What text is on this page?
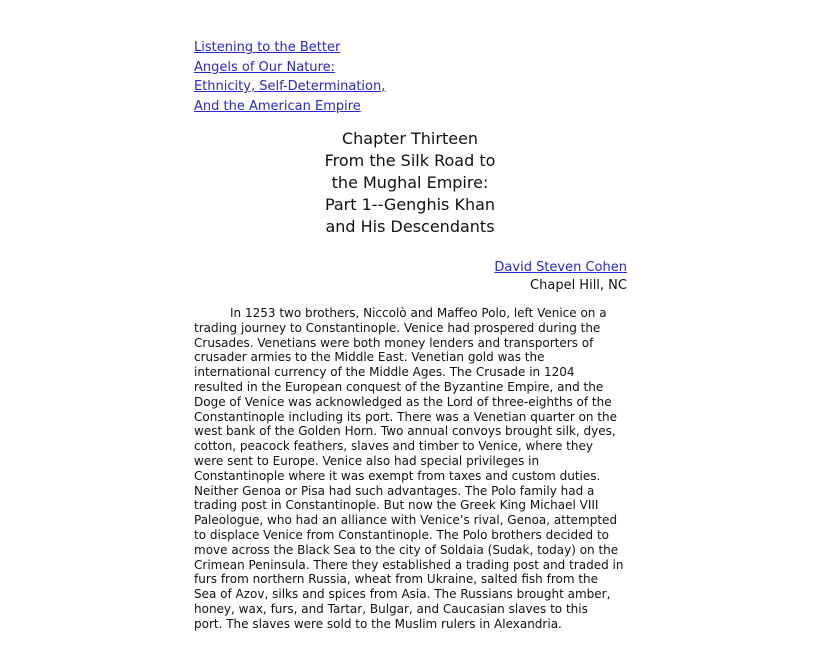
Listening to the Better
Angels of Our Nature:
Ethnicity, Self-Determination,
And the American Empire
Chapter Thirteen
From the Silk Road to
the Mughal Empire:
Part 1--Genghis Khan
and His Descendants
David Steven Cohen
Chapel Hill, NC
In 1253 two brothers, Niccolò and Maffeo Polo, left Venice on a
trading journey to Constantinople. Venice had prospered during the
Crusades. Venetians were both money lenders and transporters of
crusader armies to the Middle East. Venetian gold was the
international currency of the Middle Ages. The Crusade in 1204
resulted in the European conquest of the Byzantine Empire, and the
Doge of Venice was acknowledged as the Lord of three-eighths of the
Constantinople including its port. There was a Venetian quarter on the
west bank of the Golden Horn. Two annual convoys brought silk, dyes,
cotton, peacock feathers, slaves and timber to Venice, where they
were sent to Europe. Venice also had special privileges in
Constantinople where it was exempt from taxes and custom duties.
Neither Genoa or Pisa had such advantages. The Polo family had a
trading post in Constantinople. But now the Greek King Michael VIII
Paleologue, who had an alliance with Venice’s rival, Genoa, attempted
to displace Venice from Constantinople. The Polo brothers decided to
move across the Black Sea to the city of Soldaia (Sudak, today) on the
Crimean Peninsula. There they established a trading post and traded in
furs from northern Russia, wheat from Ukraine, salted fish from the
Sea of Azov, silks and spices from Asia. The Russians brought amber,
honey, wax, furs, and Tartar, Bulgar, and Caucasian slaves to this
port. The slaves were sold to the Muslim rulers in Alexandria.
